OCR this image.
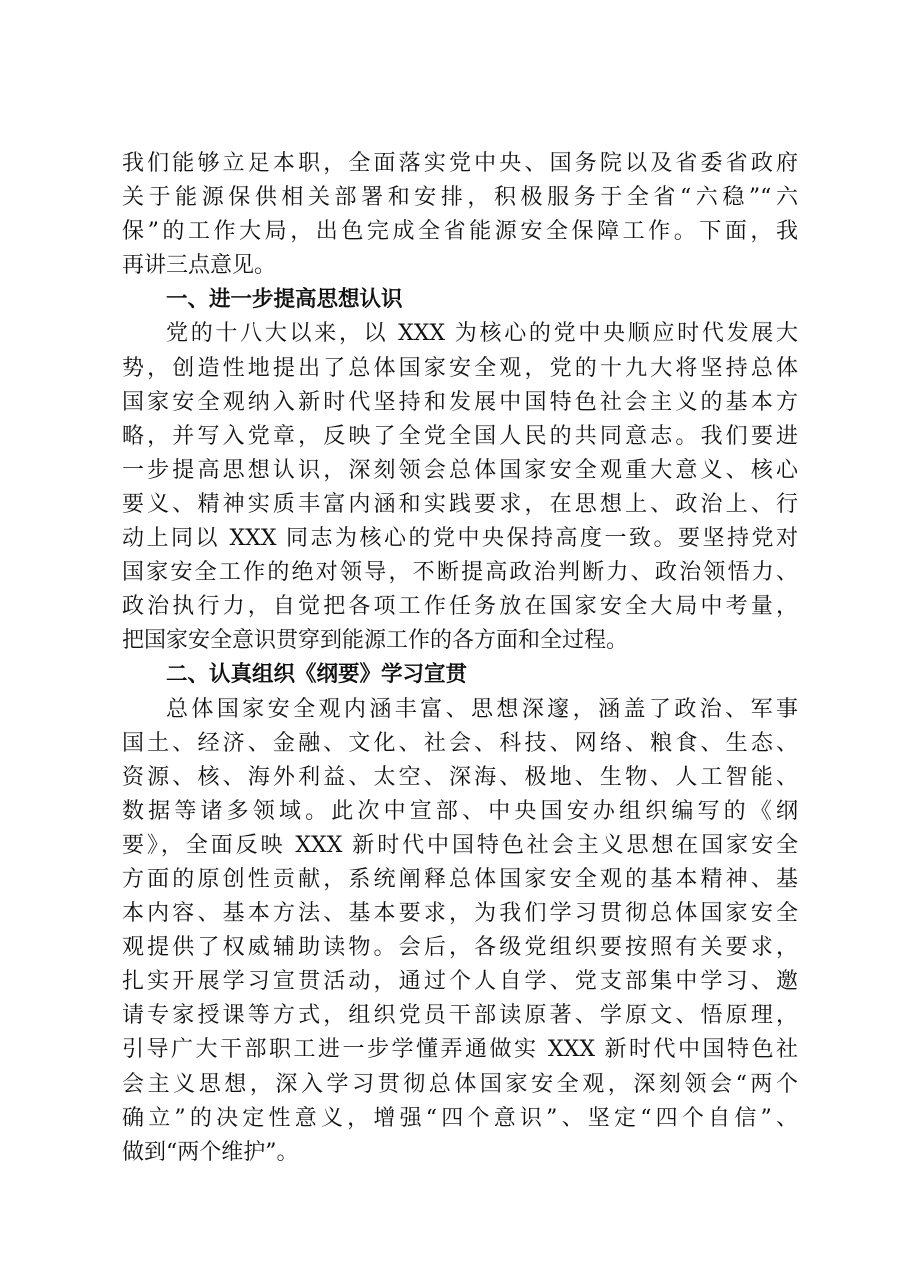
我们能够立足本职，全面落实党中央、国务院以及省委省政府
关于能源保供相关部署和安排，积极服务于全省“六稳”“六
保”的工作大局，出色完成全省能源安全保障工作。下面，我
再讲三点意见。
一、进一步提高思想认识
党的十八大以来，以 XXX 为核心的党中央顺应时代发展大
势，创造性地提出了总体国家安全观，党的十九大将坚持总体
国家安全观纳入新时代坚持和发展中国特色社会主义的基本方
略，并写入党章，反映了全党全国人民的共同意志。我们要进
一步提高思想认识，深刻领会总体国家安全观重大意义、核心
要义、精神实质丰富内涵和实践要求，在思想上、政治上、行
动上同以 XXX 同志为核心的党中央保持高度一致。要坚持党对
国家安全工作的绝对领导，不断提高政治判断力、政治领悟力、
政治执行力，自觉把各项工作任务放在国家安全大局中考量，
把国家安全意识贯穿到能源工作的各方面和全过程。
二、认真组织《纲要》学习宣贯
总体国家安全观内涵丰富、思想深邃，涵盖了政治、军事
国土、经济、金融、文化、社会、科技、网络、粮食、生态、
资源、核、海外利益、太空、深海、极地、生物、人工智能、
数据等诸多领域。此次中宣部、中央国安办组织编写的《纲
要》，全面反映 XXX 新时代中国特色社会主义思想在国家安全
方面的原创性贡献，系统阐释总体国家安全观的基本精神、基
本内容、基本方法、基本要求，为我们学习贯彻总体国家安全
观提供了权威辅助读物。会后，各级党组织要按照有关要求，
扎实开展学习宣贯活动，通过个人自学、党支部集中学习、邀
请专家授课等方式，组织党员干部读原著、学原文、悟原理，
引导广大干部职工进一步学懂弄通做实 XXX 新时代中国特色社
会主义思想，深入学习贯彻总体国家安全观，深刻领会“两个
确立”的决定性意义，增强“四个意识”、坚定“四个自信”、
做到“两个维护”。
